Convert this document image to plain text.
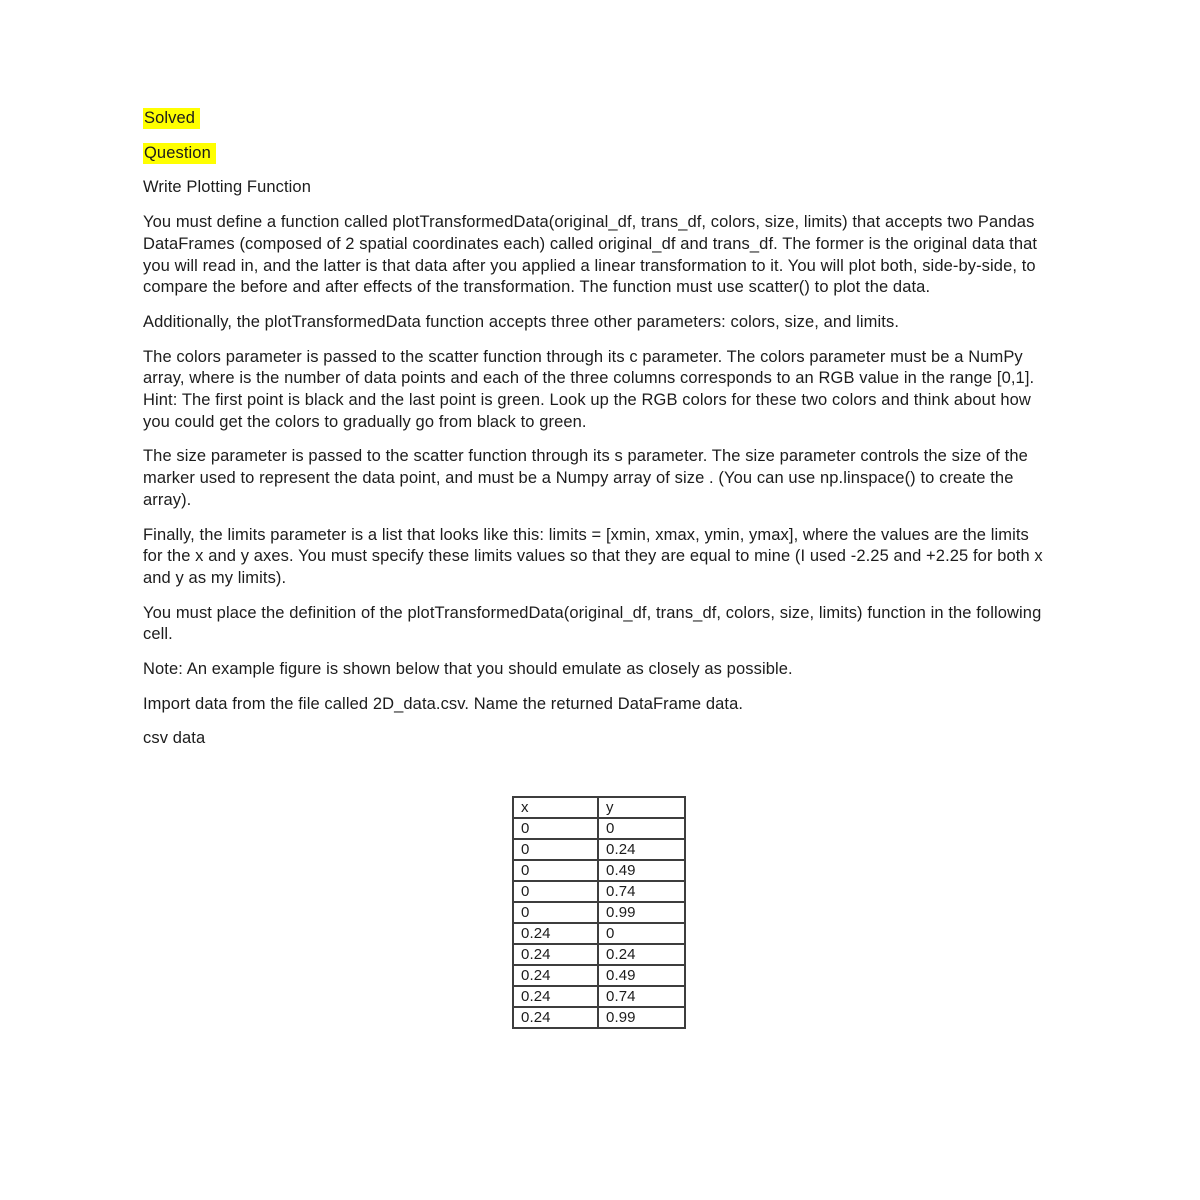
Solved
Question
Write Plotting Function

You must define a function called plotTransformedData(original_df, trans_df, colors, size, limits) that accepts two Pandas DataFrames (composed of 2 spatial coordinates each) called original_df and trans_df. The former is the original data that you will read in, and the latter is that data after you applied a linear transformation to it. You will plot both, side-by-side, to compare the before and after effects of the transformation. The function must use scatter() to plot the data.

Additionally, the plotTransformedData function accepts three other parameters: colors, size, and limits.

The colors parameter is passed to the scatter function through its c parameter. The colors parameter must be a NumPy array, where is the number of data points and each of the three columns corresponds to an RGB value in the range [0,1]. Hint: The first point is black and the last point is green. Look up the RGB colors for these two colors and think about how you could get the colors to gradually go from black to green.

The size parameter is passed to the scatter function through its s parameter. The size parameter controls the size of the marker used to represent the data point, and must be a Numpy array of size . (You can use np.linspace() to create the array).

Finally, the limits parameter is a list that looks like this: limits = [xmin, xmax, ymin, ymax], where the values are the limits for the x and y axes. You must specify these limits values so that they are equal to mine (I used -2.25 and +2.25 for both x and y as my limits).

You must place the definition of the plotTransformedData(original_df, trans_df, colors, size, limits) function in the following cell.

Note: An example figure is shown below that you should emulate as closely as possible.

Import data from the file called 2D_data.csv. Name the returned DataFrame data.

csv data

x	y
0	0
0	0.24
0	0.49
0	0.74
0	0.99
0.24	0
0.24	0.24
0.24	0.49
0.24	0.74
0.24	0.99
